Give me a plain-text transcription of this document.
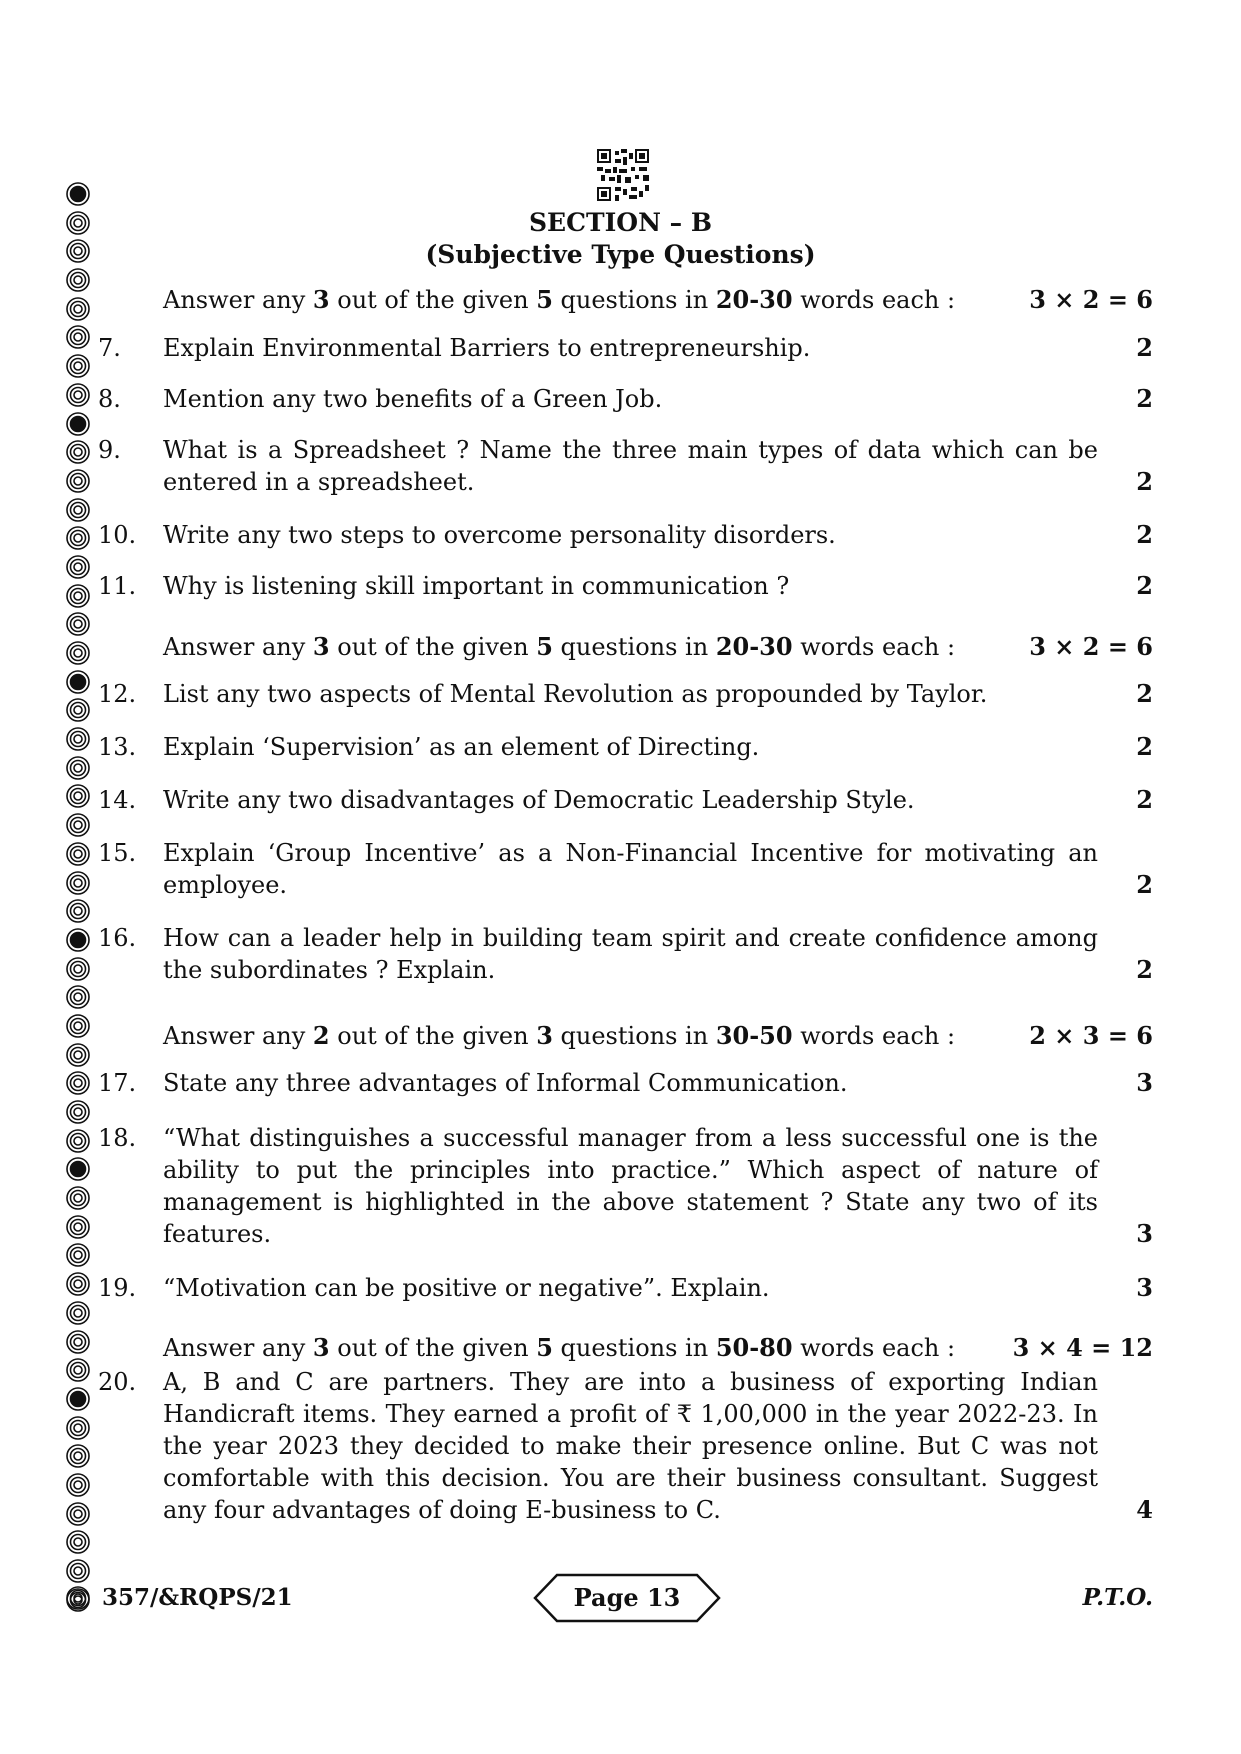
SECTION – B
(Subjective Type Questions)
Answer any 3 out of the given 5 questions in 20-30 words each :	3 × 2 = 6
7.	Explain Environmental Barriers to entrepreneurship.	2
8.	Mention any two benefits of a Green Job.	2
9.	What is a Spreadsheet ? Name the three main types of data which can be entered in a spreadsheet.	2
10.	Write any two steps to overcome personality disorders.	2
11.	Why is listening skill important in communication ?	2
Answer any 3 out of the given 5 questions in 20-30 words each :	3 × 2 = 6
12.	List any two aspects of Mental Revolution as propounded by Taylor.	2
13.	Explain ‘Supervision’ as an element of Directing.	2
14.	Write any two disadvantages of Democratic Leadership Style.	2
15.	Explain ‘Group Incentive’ as a Non-Financial Incentive for motivating an employee.	2
16.	How can a leader help in building team spirit and create confidence among the subordinates ? Explain.	2
Answer any 2 out of the given 3 questions in 30-50 words each :	2 × 3 = 6
17.	State any three advantages of Informal Communication.	3
18.	“What distinguishes a successful manager from a less successful one is the ability to put the principles into practice.” Which aspect of nature of management is highlighted in the above statement ? State any two of its features.	3
19.	“Motivation can be positive or negative”. Explain.	3
Answer any 3 out of the given 5 questions in 50-80 words each : 3 × 4 = 12
20.	A, B and C are partners. They are into a business of exporting Indian Handicraft items. They earned a profit of ₹ 1,00,000 in the year 2022-23. In the year 2023 they decided to make their presence online. But C was not comfortable with this decision. You are their business consultant. Suggest any four advantages of doing E-business to C.	4
357/&RQPS/21	Page 13	P.T.O.
